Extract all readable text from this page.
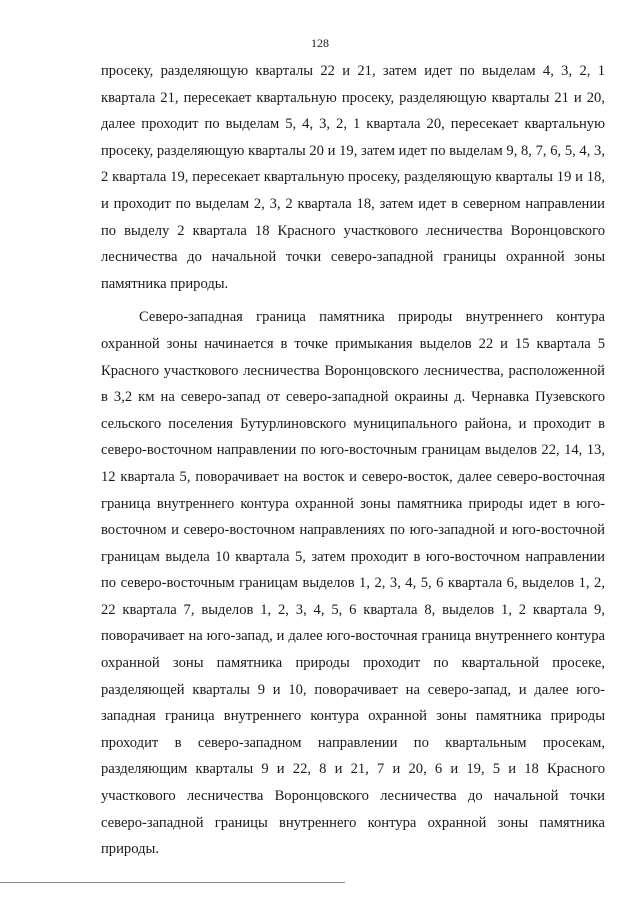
128

просеку, разделяющую кварталы 22 и 21, затем идет по выделам 4, 3, 2, 1 квартала 21, пересекает квартальную просеку, разделяющую кварталы 21 и 20, далее проходит по выделам 5, 4, 3, 2, 1 квартала 20, пересекает квартальную просеку, разделяющую кварталы 20 и 19, затем идет по выделам 9, 8, 7, 6, 5, 4, 3, 2 квартала 19, пересекает квартальную просеку, разделяющую кварталы 19 и 18, и проходит по выделам 2, 3, 2 квартала 18, затем идет в северном направлении по выделу 2 квартала 18 Красного участкового лесничества Воронцовского лесничества до начальной точки северо-западной границы охранной зоны памятника природы.

Северо-западная граница памятника природы внутреннего контура охранной зоны начинается в точке примыкания выделов 22 и 15 квартала 5 Красного участкового лесничества Воронцовского лесничества, расположенной в 3,2 км на северо-запад от северо-западной окраины д. Чернавка Пузевского сельского поселения Бутурлиновского муниципального района, и проходит в северо-восточном направлении по юго-восточным границам выделов 22, 14, 13, 12 квартала 5, поворачивает на восток и северо-восток, далее северо-восточная граница внутреннего контура охранной зоны памятника природы идет в юго-восточном и северо-восточном направлениях по юго-западной и юго-восточной границам выдела 10 квартала 5, затем проходит в юго-восточном направлении по северо-восточным границам выделов 1, 2, 3, 4, 5, 6 квартала 6, выделов 1, 2, 22 квартала 7, выделов 1, 2, 3, 4, 5, 6 квартала 8, выделов 1, 2 квартала 9, поворачивает на юго-запад, и далее юго-восточная граница внутреннего контура охранной зоны памятника природы проходит по квартальной просеке, разделяющей кварталы 9 и 10, поворачивает на северо-запад, и далее юго-западная граница внутреннего контура охранной зоны памятника природы проходит в северо-западном направлении по квартальным просекам, разделяющим кварталы 9 и 22, 8 и 21, 7 и 20, 6 и 19, 5 и 18 Красного участкового лесничества Воронцовского лесничества до начальной точки северо-западной границы внутреннего контура охранной зоны памятника природы.
